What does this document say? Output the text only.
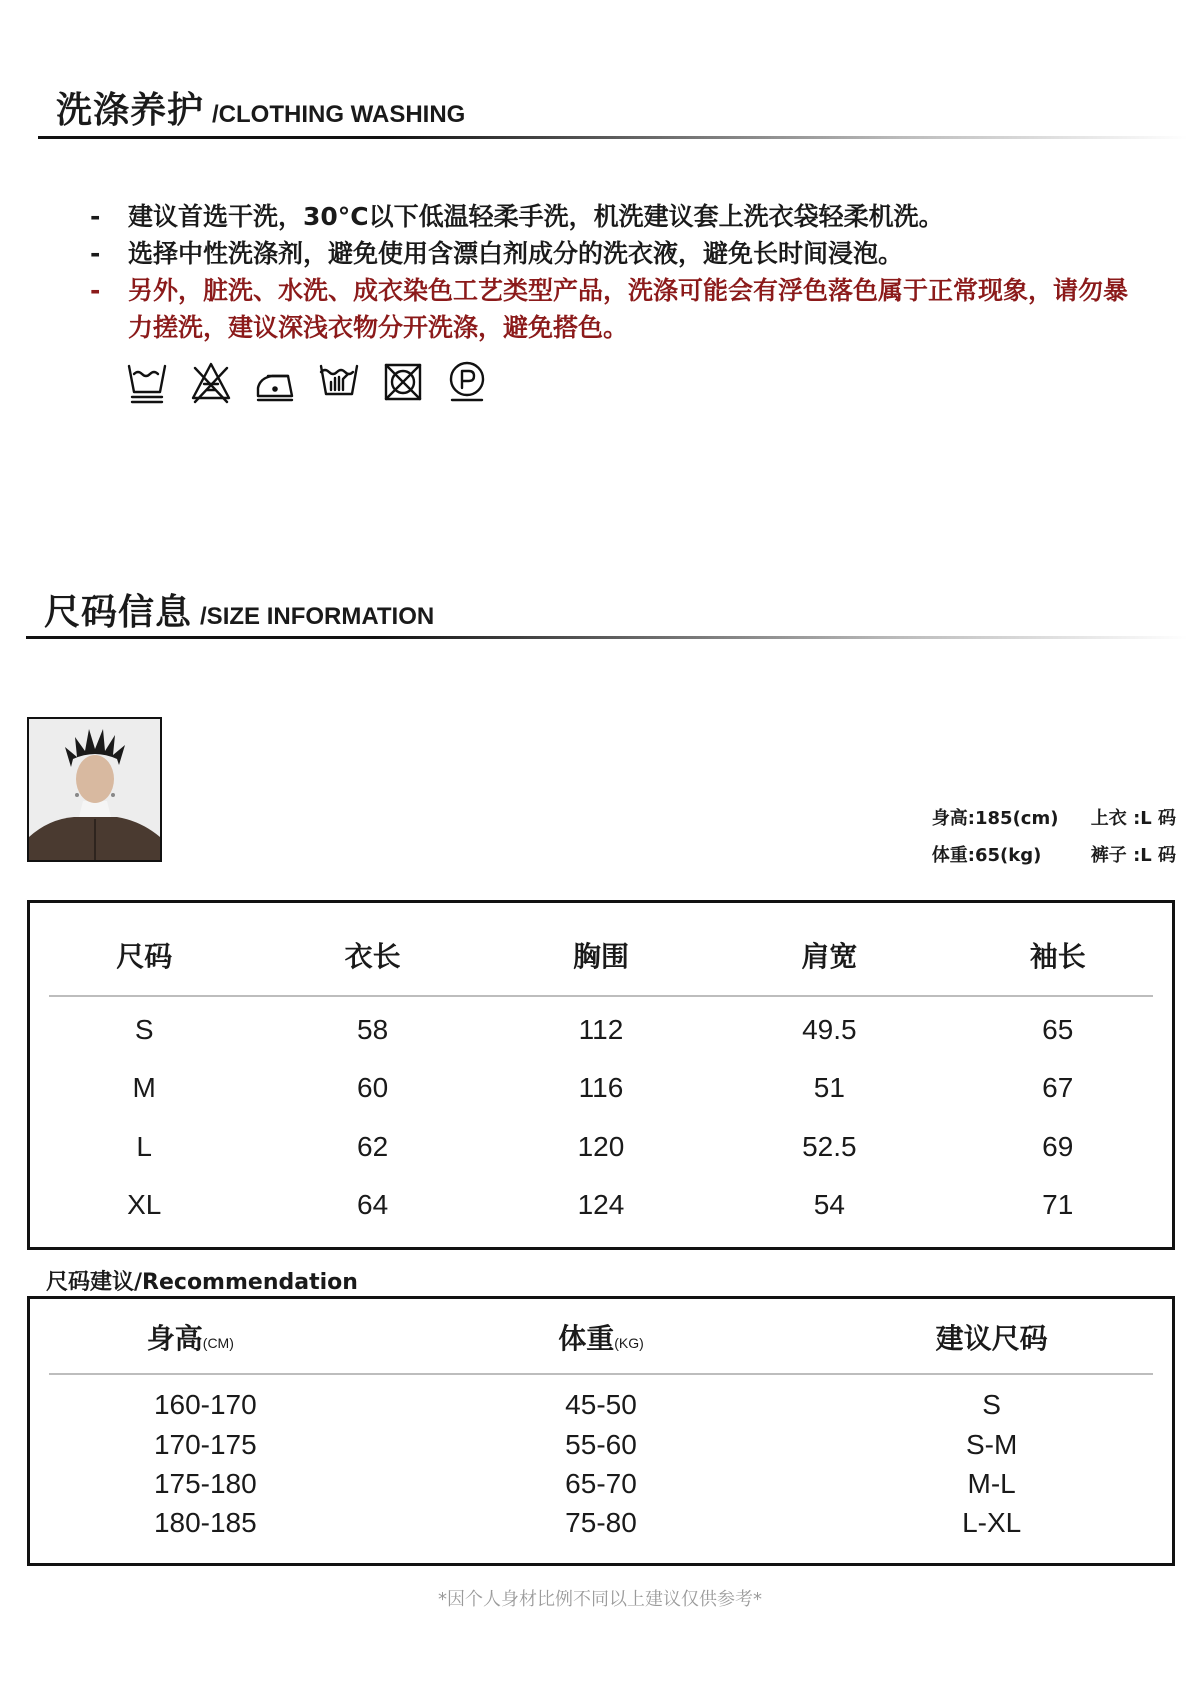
洗涤养护 /CLOTHING WASHING
- 建议首选干洗，30°C以下低温轻柔手洗，机洗建议套上洗衣袋轻柔机洗。
- 选择中性洗涤剂，避免使用含漂白剂成分的洗衣液，避免长时间浸泡。
- 另外，脏洗、水洗、成衣染色工艺类型产品，洗涤可能会有浮色落色属于正常现象，请勿暴力搓洗，建议深浅衣物分开洗涤，避免搭色。
尺码信息 /SIZE INFORMATION
身高:185(cm)	上衣 :L 码
体重:65(kg)	裤子 :L 码
尺码	衣长	胸围	肩宽	袖长
S	58	112	49.5	65
M	60	116	51	67
L	62	120	52.5	69
XL	64	124	54	71
尺码建议/Recommendation
身高(CM)	体重(KG)	建议尺码
160-170	45-50	S
170-175	55-60	S-M
175-180	65-70	M-L
180-185	75-80	L-XL
*因个人身材比例不同以上建议仅供参考*
